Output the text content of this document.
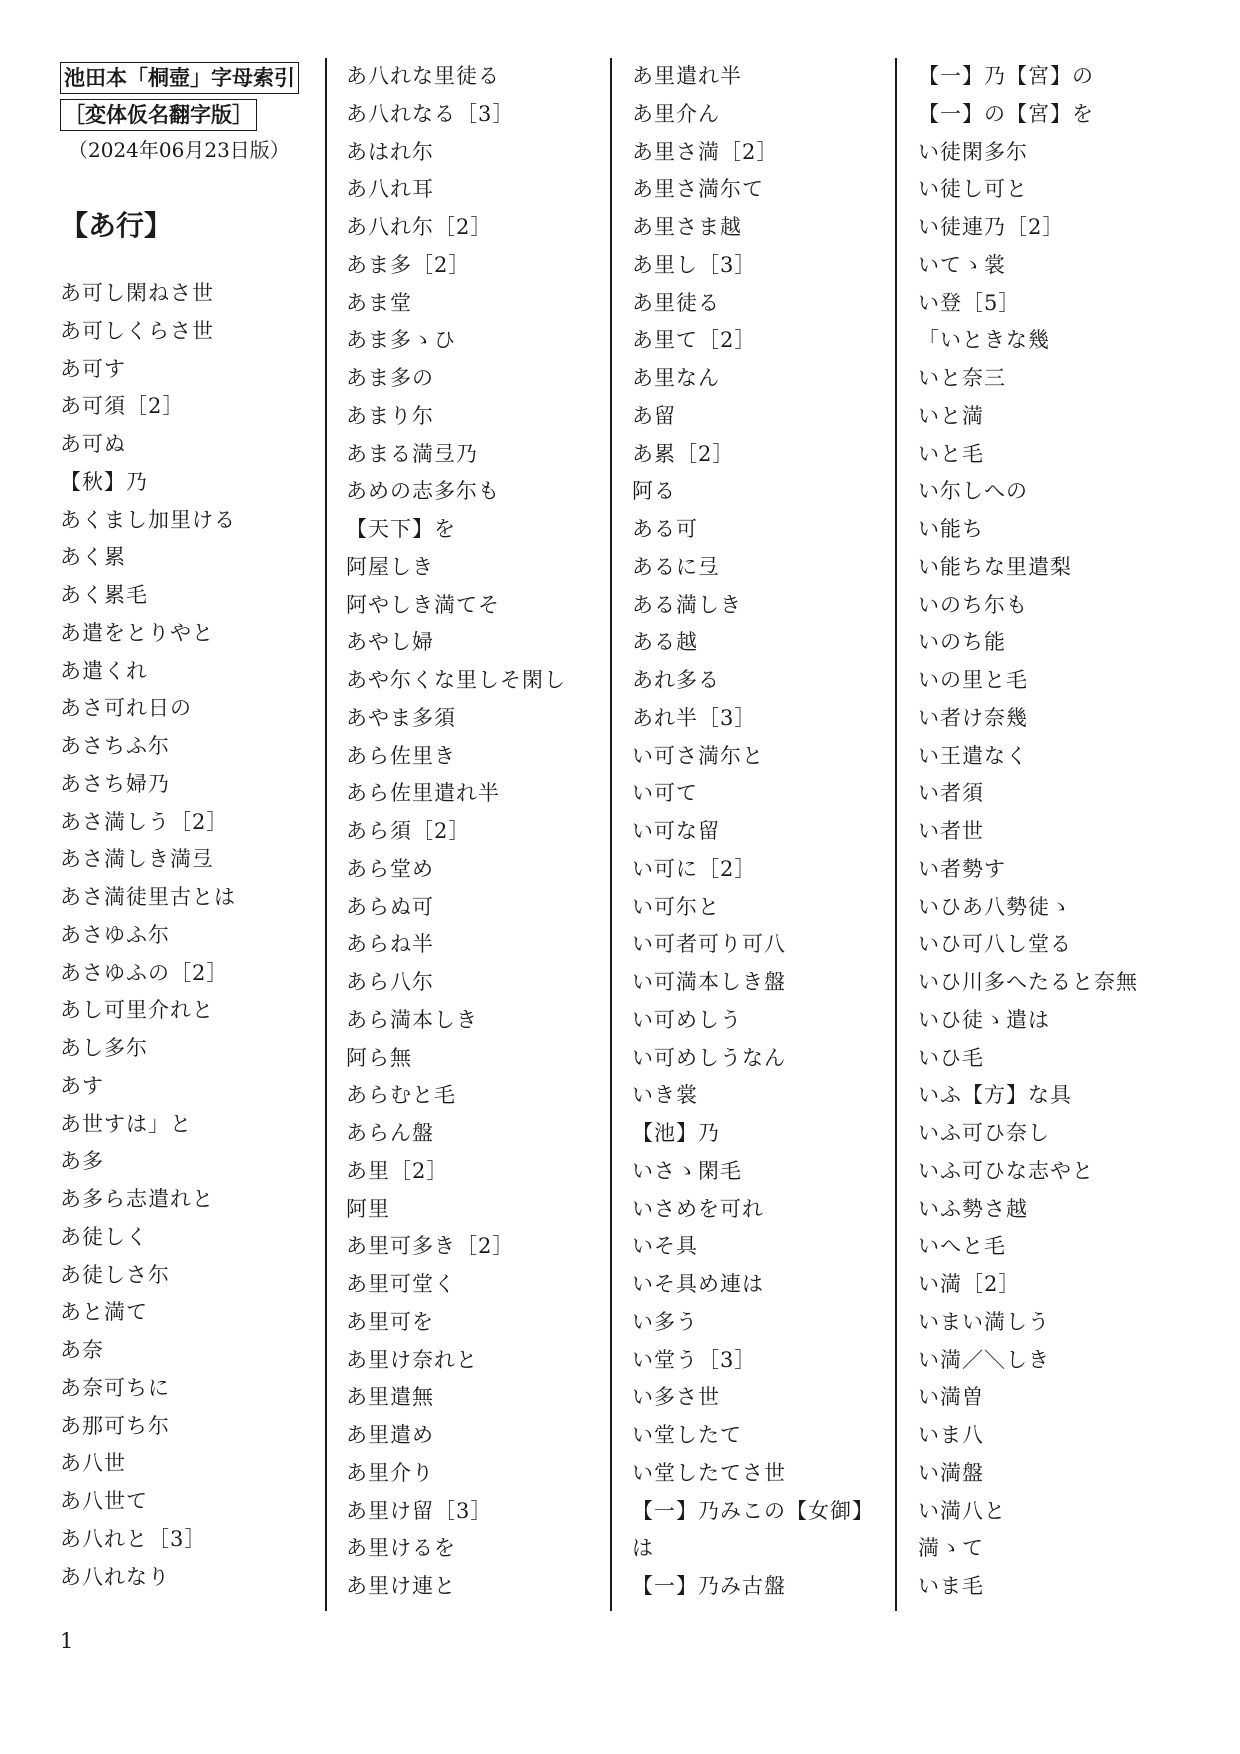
池田本「桐壺」字母索引
［変体仮名翻字版］
（2024年06月23日版）
【あ行】
あ可し閑ねさ世
あ可しくらさ世
あ可す
あ可須［2］
あ可ぬ
【秋】乃
あくまし加里ける
あく累
あく累毛
あ遣をとりやと
あ遣くれ
あさ可れ日の
あさちふ尓
あさち婦乃
あさ満しう［2］
あさ満しき満弖
あさ満徒里古とは
あさゆふ尓
あさゆふの［2］
あし可里介れと
あし多尓
あす
あ世すは」と
あ多
あ多ら志遣れと
あ徒しく
あ徒しさ尓
あと満て
あ奈
あ奈可ちに
あ那可ち尓
あ八世
あ八世て
あ八れと［3］
あ八れなり
あ八れな里徒る
あ八れなる［3］
あはれ尓
あ八れ耳
あ八れ尓［2］
あま多［2］
あま堂
あま多ゝひ
あま多の
あまり尓
あまる満弖乃
あめの志多尓も
【天下】を
阿屋しき
阿やしき満てそ
あやし婦
あや尓くな里しそ閑し
あやま多須
あら佐里き
あら佐里遣れ半
あら須［2］
あら堂め
あらぬ可
あらね半
あら八尓
あら満本しき
阿ら無
あらむと毛
あらん盤
あ里［2］
阿里
あ里可多き［2］
あ里可堂く
あ里可を
あ里け奈れと
あ里遣無
あ里遣め
あ里介り
あ里け留［3］
あ里けるを
あ里け連と
あ里遣れ半
あ里介ん
あ里さ満［2］
あ里さ満尓て
あ里さま越
あ里し［3］
あ里徒る
あ里て［2］
あ里なん
あ留
あ累［2］
阿る
ある可
あるに弖
ある満しき
ある越
あれ多る
あれ半［3］
い可さ満尓と
い可て
い可な留
い可に［2］
い可尓と
い可者可り可八
い可満本しき盤
い可めしう
い可めしうなん
いき裳
【池】乃
いさゝ閑毛
いさめを可れ
いそ具
いそ具め連は
い多う
い堂う［3］
い多さ世
い堂したて
い堂したてさ世
【一】乃みこの【女御】
は
【一】乃み古盤
【一】乃【宮】の
【一】の【宮】を
い徒閑多尓
い徒し可と
い徒連乃［2］
いてゝ裳
い登［5］
「いときな幾
いと奈三
いと満
いと毛
い尓しへの
い能ち
い能ちな里遣梨
いのち尓も
いのち能
いの里と毛
い者け奈幾
い王遣なく
い者須
い者世
い者勢す
いひあ八勢徒ゝ
いひ可八し堂る
いひ川多へたると奈無
いひ徒ゝ遣は
いひ毛
いふ【方】な具
いふ可ひ奈し
いふ可ひな志やと
いふ勢さ越
いへと毛
い満［2］
いまい満しう
い満／＼しき
い満曽
いま八
い満盤
い満八と
満ゝて
いま毛
1
